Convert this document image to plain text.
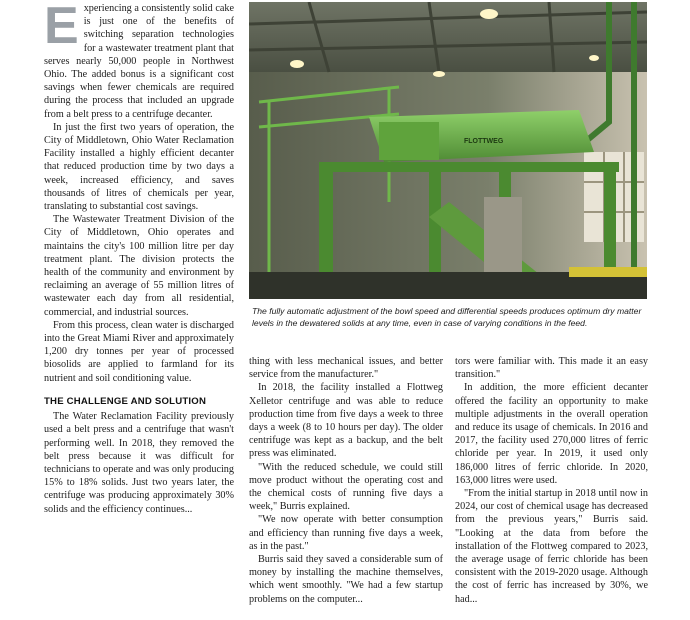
Experiencing a consistently solid cake is just one of the benefits of switching separation technologies for a wastewater treatment plant that serves nearly 50,000 people in Northwest Ohio. The added bonus is a significant cost savings when fewer chemicals are required during the process that included an upgrade from a belt press to a centrifuge decanter.

In just the first two years of operation, the City of Middletown, Ohio Water Reclamation Facility installed a highly efficient decanter that reduced production time by two days a week, increased efficiency, and saves thousands of litres of chemicals per year, translating to substantial cost savings.

The Wastewater Treatment Division of the City of Middletown, Ohio operates and maintains the city's 100 million litre per day treatment plant. The division protects the health of the community and environment by reclaiming an average of 55 million litres of wastewater each day from all residential, commercial, and industrial sources.

From this process, clean water is discharged into the Great Miami River and approximately 1,200 dry tonnes per year of processed biosolids are applied to farmland for its nutrient and soil conditioning value.

THE CHALLENGE AND SOLUTION

The Water Reclamation Facility previously used a belt press and a centrifuge that wasn't performing well. In 2018, they removed the belt press because it was difficult for technicians to operate and was only producing 15% to 18% solids. Just two years later, the centrifuge was producing approximately 30% solids and the efficiency continues...

FLOTTWEG
The fully automatic adjustment of the bowl speed and differential speeds produces optimum dry matter levels in the dewatered solids at any time, even in case of varying conditions in the feed.

thing with less mechanical issues, and better service from the manufacturer."

In 2018, the facility installed a Flottweg Xelletor centrifuge and was able to reduce production time from five days a week to three days a week (8 to 10 hours per day). The older centrifuge was kept as a backup, and the belt press was eliminated.

"With the reduced schedule, we could still move product without the operating cost and the chemical costs of running five days a week," Burris explained.

"We now operate with better consumption and efficiency than running five days a week, as in the past."

Burris said they saved a considerable sum of money by installing the machine themselves, which went smoothly. "We had a few startup problems on the computer...

tors were familiar with. This made it an easy transition."

In addition, the more efficient decanter offered the facility an opportunity to make multiple adjustments in the overall operation and reduce its usage of chemicals. In 2016 and 2017, the facility used 270,000 litres of ferric chloride per year. In 2019, it used only 186,000 litres of ferric chloride. In 2020, 163,000 litres were used.

"From the initial startup in 2018 until now in 2024, our cost of chemical usage has decreased from the previous years," Burris said. "Looking at the data from before the installation of the Flottweg compared to 2023, the average usage of ferric chloride has been consistent with the 2019-2020 usage. Although the cost of ferric has increased by 30%, we had...
